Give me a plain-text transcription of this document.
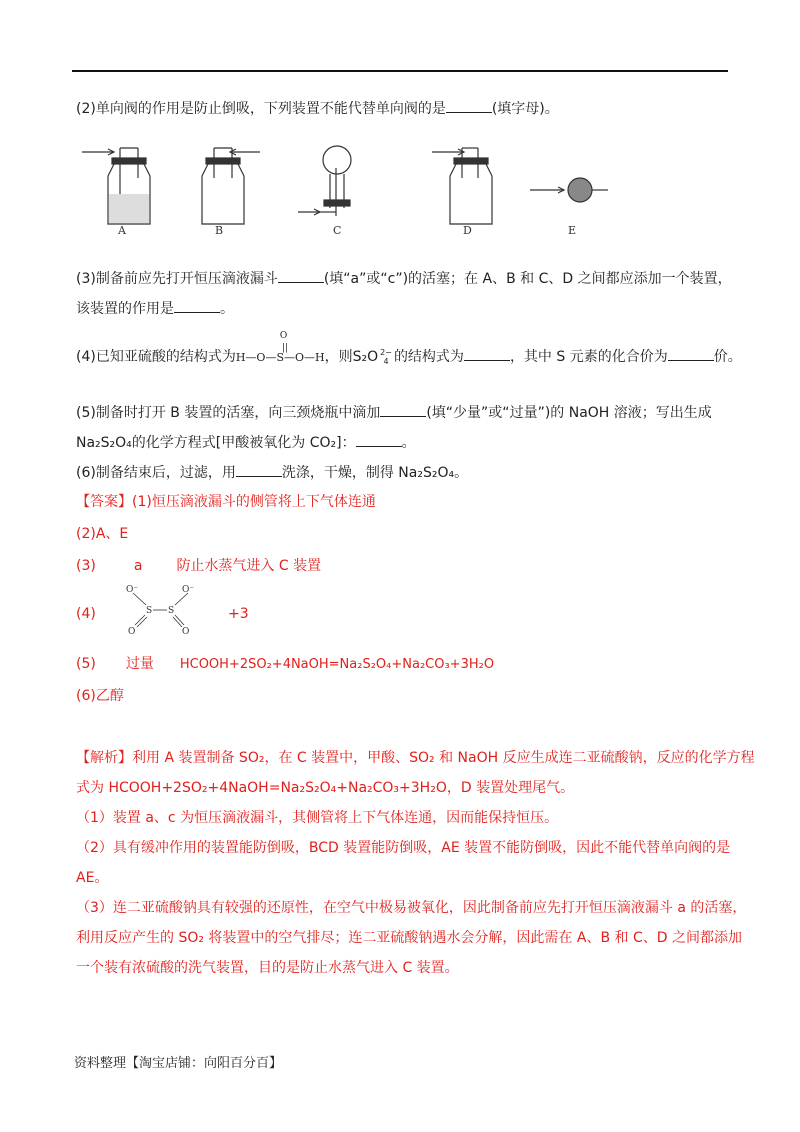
(2)单向阀的作用是防止倒吸，下列装置不能代替单向阀的是	(填字母)。
A	B	C	D	E
(3)制备前应先打开恒压滴液漏斗	(填“a”或“c”)的活塞；在 A、B 和 C、D 之间都应添加一个装置，
该装置的作用是	。
(4)已知亚硫酸的结构式为
O
||
H—O—S—O—H，则S₂O 2−
4 的结构式为	，其中 S 元素的化合价为	价。
(5)制备时打开 B 装置的活塞，向三颈烧瓶中滴加	(填“少量”或“过量”)的 NaOH 溶液；写出生成
Na₂S₂O₄的化学方程式[甲酸被氧化为 CO₂]：	。
(6)制备结束后，过滤，用	洗涤，干燥，制得 Na₂S₂O₄。
【答案】(1)恒压滴液漏斗的侧管将上下气体连通
(2)A、E
(3)	a 防止水蒸气进入 C 装置
(4)
O⁻
S S
O⁻
O	O
+3
(5) 过量 HCOOH+2SO₂+4NaOH=Na₂S₂O₄+Na₂CO₃+3H₂O
(6)乙醇
【解析】利用 A 装置制备 SO₂，在 C 装置中，甲酸、SO₂ 和 NaOH 反应生成连二亚硫酸钠，反应的化学方程
式为 HCOOH+2SO₂+4NaOH=Na₂S₂O₄+Na₂CO₃+3H₂O，D 装置处理尾气。
（1）装置 a、c 为恒压滴液漏斗，其侧管将上下气体连通，因而能保持恒压。
（2）具有缓冲作用的装置能防倒吸，BCD 装置能防倒吸，AE 装置不能防倒吸，因此不能代替单向阀的是
AE。
（3）连二亚硫酸钠具有较强的还原性，在空气中极易被氧化，因此制备前应先打开恒压滴液漏斗 a 的活塞，
利用反应产生的 SO₂ 将装置中的空气排尽；连二亚硫酸钠遇水会分解，因此需在 A、B 和 C、D 之间都添加
一个装有浓硫酸的洗气装置，目的是防止水蒸气进入 C 装置。
资料整理【淘宝店铺：向阳百分百】
